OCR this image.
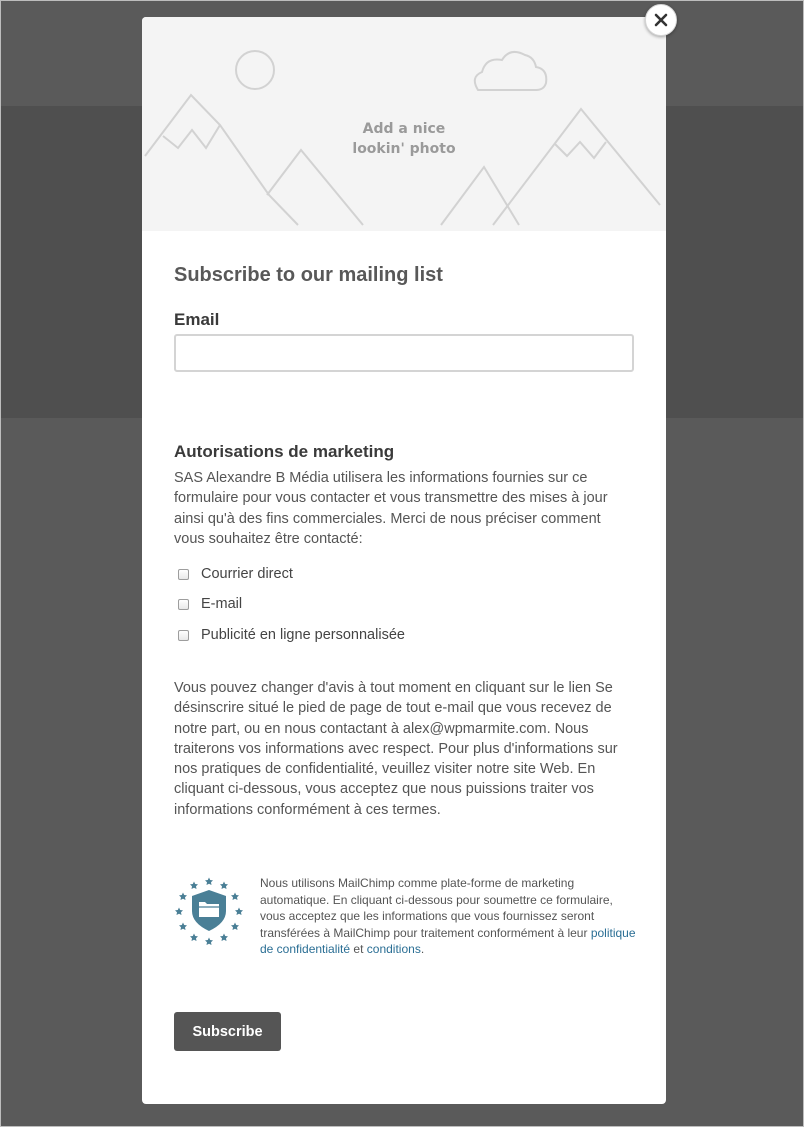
Add a nice
lookin' photo
Subscribe to our mailing list
Email
Autorisations de marketing

SAS Alexandre B Média utilisera les informations fournies sur ce formulaire pour vous contacter et vous transmettre des mises à jour ainsi qu'à des fins commerciales. Merci de nous préciser comment vous souhaitez être contacté:

Courrier direct
E-mail
Publicité en ligne personnalisée

Vous pouvez changer d'avis à tout moment en cliquant sur le lien Se désinscrire situé le pied de page de tout e-mail que vous recevez de notre part, ou en nous contactant à alex@wpmarmite.com. Nous traiterons vos informations avec respect. Pour plus d'informations sur nos pratiques de confidentialité, veuillez visiter notre site Web. En cliquant ci-dessous, vous acceptez que nous puissions traiter vos informations conformément à ces termes.

Nous utilisons MailChimp comme plate-forme de marketing automatique. En cliquant ci-dessous pour soumettre ce formulaire, vous acceptez que les informations que vous fournissez seront transférées à MailChimp pour traitement conformément à leur politique de confidentialité et conditions.

Subscribe
